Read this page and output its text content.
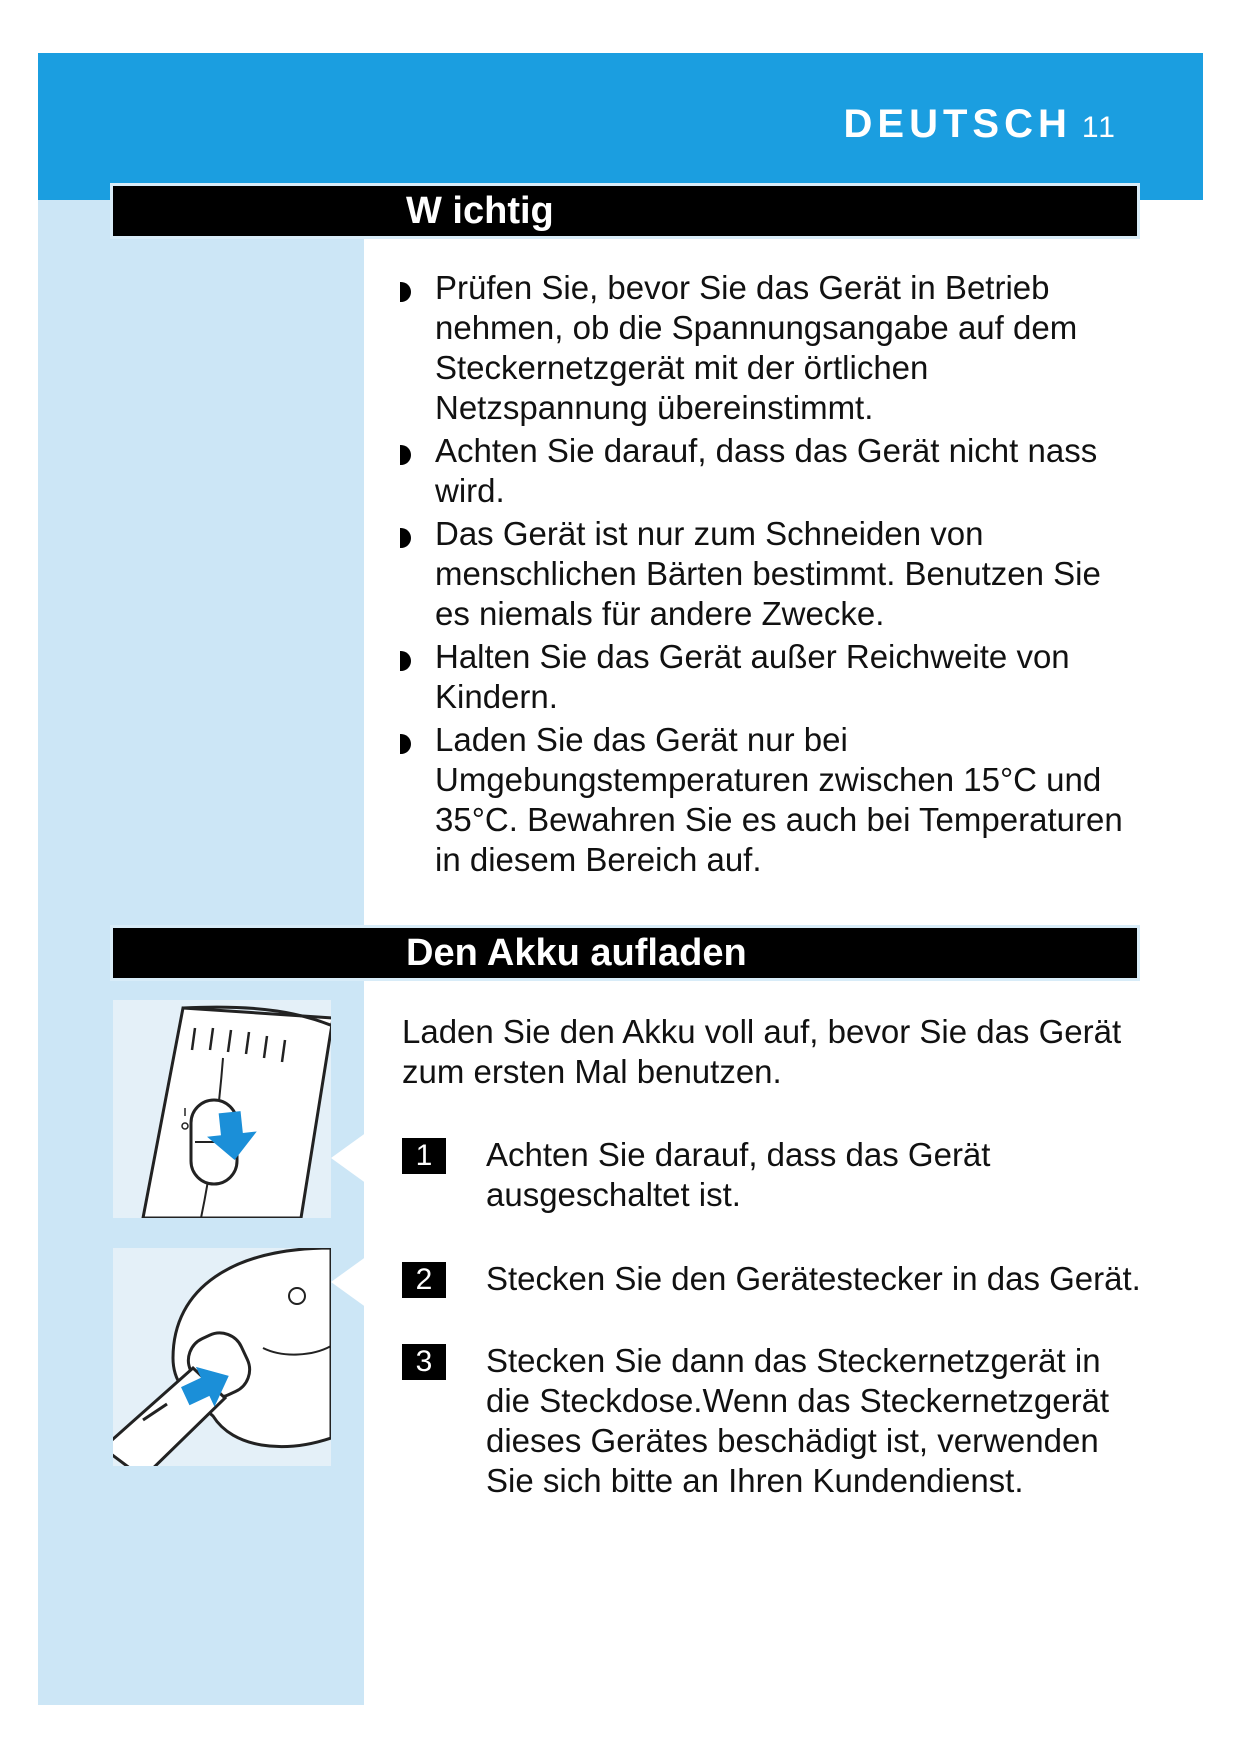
DEUTSCH 11
W ichtig
Prüfen Sie, bevor Sie das Gerät in Betrieb nehmen, ob die Spannungsangabe auf dem Steckernetzgerät mit der örtlichen Netzspannung übereinstimmt.
Achten Sie darauf, dass das Gerät nicht nass wird.
Das Gerät ist nur zum Schneiden von menschlichen Bärten bestimmt. Benutzen Sie es niemals für andere Zwecke.
Halten Sie das Gerät außer Reichweite von Kindern.
Laden Sie das Gerät nur bei Umgebungstemperaturen zwischen 15°C und 35°C. Bewahren Sie es auch bei Temperaturen in diesem Bereich auf.
Den Akku aufladen
Laden Sie den Akku voll auf, bevor Sie das Gerät zum ersten Mal benutzen.
1	Achten Sie darauf, dass das Gerät ausgeschaltet ist.
2	Stecken Sie den Gerätestecker in das Gerät.
3	Stecken Sie dann das Steckernetzgerät in die Steckdose.Wenn das Steckernetzgerät dieses Gerätes beschädigt ist, verwenden Sie sich bitte an Ihren Kundendienst.
